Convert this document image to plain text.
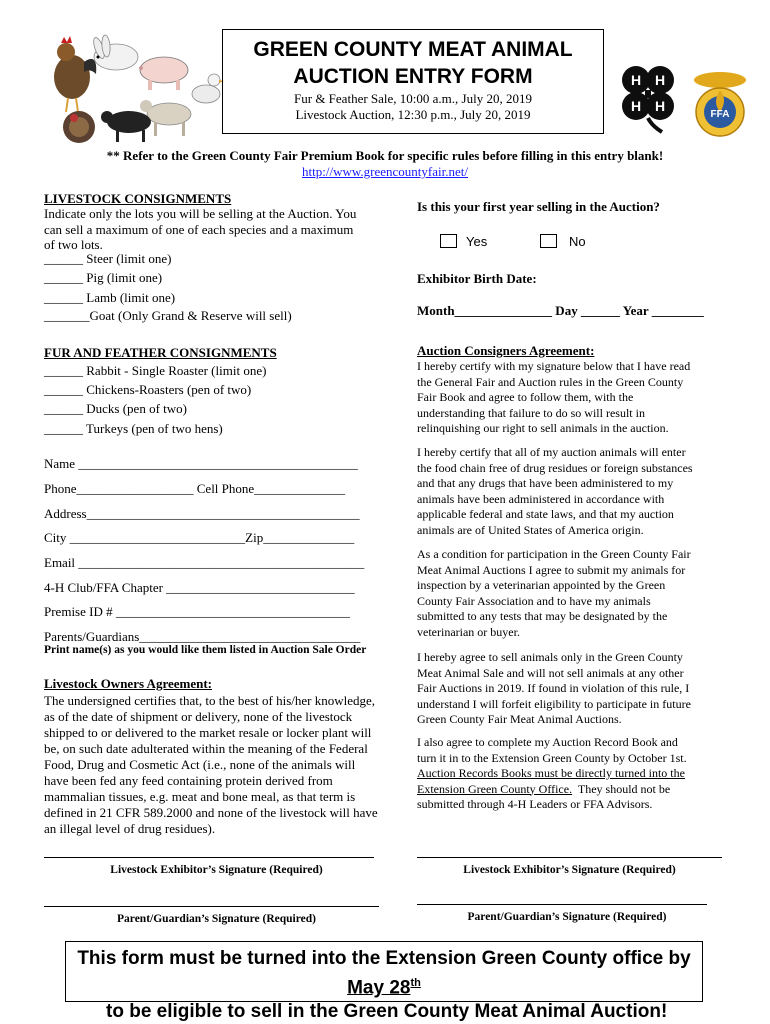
GREEN COUNTY MEAT ANIMAL
AUCTION ENTRY FORM
Fur & Feather Sale, 10:00 a.m., July 20, 2019
Livestock Auction, 12:30 p.m., July 20, 2019
H H
H H
FFA
** Refer to the Green County Fair Premium Book for specific rules before filling in this entry blank!
http://www.greencountyfair.net/
LIVESTOCK CONSIGNMENTS
Indicate only the lots you will be selling at the Auction. You
can sell a maximum of one of each species and a maximum
of two lots.
______ Steer (limit one)
______ Pig (limit one)
______ Lamb (limit one)
_______Goat (Only Grand & Reserve will sell)
Is this your first year selling in the Auction?
Yes	No
Exhibitor Birth Date:
Month_______________ Day ______ Year ________
FUR AND FEATHER CONSIGNMENTS
______ Rabbit - Single Roaster (limit one)
______ Chickens-Roasters (pen of two)
______ Ducks (pen of two)
______ Turkeys (pen of two hens)
Name ___________________________________________
Phone__________________ Cell Phone______________
Address__________________________________________
City ___________________________Zip______________
Email ____________________________________________
4-H Club/FFA Chapter _____________________________
Premise ID # ____________________________________
Parents/Guardians__________________________________
Print name(s) as you would like them listed in Auction Sale Order
Livestock Owners Agreement:
The undersigned certifies that, to the best of his/her knowledge,
as of the date of shipment or delivery, none of the livestock
shipped to or delivered to the market resale or locker plant will
be, on such date adulterated within the meaning of the Federal
Food, Drug and Cosmetic Act (i.e., none of the animals will
have been fed any feed containing protein derived from
mammalian tissues, e.g. meat and bone meal, as that term is
defined in 21 CFR 589.2000 and none of the livestock will have
an illegal level of drug residues).
Auction Consigners Agreement:
I hereby certify with my signature below that I have read
the General Fair and Auction rules in the Green County
Fair Book and agree to follow them, with the
understanding that failure to do so will result in
relinquishing our right to sell animals in the auction.
I hereby certify that all of my auction animals will enter
the food chain free of drug residues or foreign substances
and that any drugs that have been administered to my
animals have been administered in accordance with
applicable federal and state laws, and that my auction
animals are of United States of America origin.
As a condition for participation in the Green County Fair
Meat Animal Auctions I agree to submit my animals for
inspection by a veterinarian appointed by the Green
County Fair Association and to have my animals
submitted to any tests that may be designated by the
veterinarian or buyer.
I hereby agree to sell animals only in the Green County
Meat Animal Sale and will not sell animals at any other
Fair Auctions in 2019. If found in violation of this rule, I
understand I will forfeit eligibility to participate in future
Green County Fair Meat Animal Auctions.
I also agree to complete my Auction Record Book and
turn it in to the Extension Green County by October 1st.
Auction Records Books must be directly turned into the
Extension Green County Office.  They should not be
submitted through 4-H Leaders or FFA Advisors.
Livestock Exhibitor’s Signature (Required)	Livestock Exhibitor’s Signature (Required)
Parent/Guardian’s Signature (Required)	Parent/Guardian’s Signature (Required)
This form must be turned into the Extension Green County office by
May 28th to be eligible to sell in the Green County Meat Animal Auction!
